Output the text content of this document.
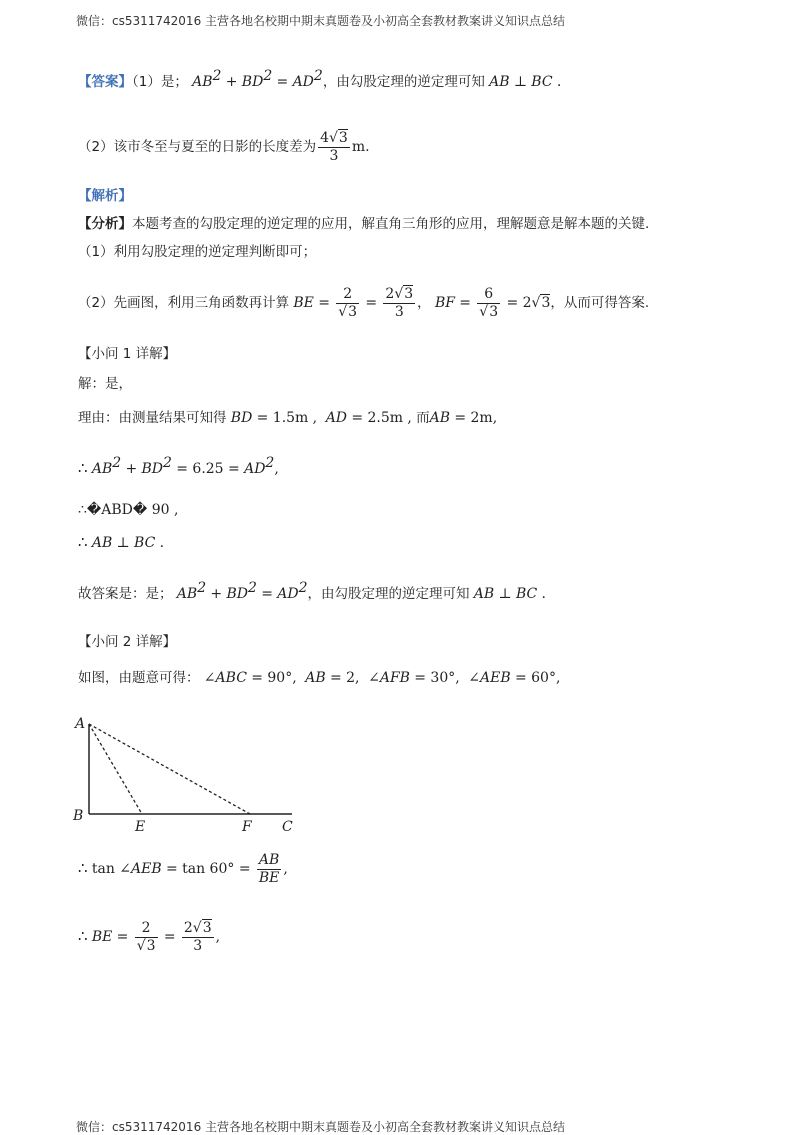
微信：cs5311742016 主营各地名校期中期末真题卷及小初高全套教材教案讲义知识点总结
【答案】（1）是； $AB^2 + BD^2 = AD^2$，由勾股定理的逆定理可知 AB ⊥ BC .
（2）该市冬至与夏至的日影的长度差为 $\frac{4√3}{3} m$.
【解析】
【分析】本题考查的勾股定理的逆定理的应用，解直角三角形的应用，理解题意是解本题的关键.
（1）利用勾股定理的逆定理判断即可；
（2）先画图，利用三角函数再计算 BE = $\frac{2}{√3} = \frac{2√3}{3}$ ， BF = $\frac{6}{√3} = 2√3$，从而可得答案.
【小问 1 详解】
解：是，
理由：由测量结果可知得 BD = 1.5m , AD = 2.5m , 而AB = 2m,
∴ $AB^2 + BD^2 = 6.25 = AD^2$,
∴�ABD� 90 ,
∴ AB ⊥ BC .
故答案是：是； $AB^2 + BD^2 = AD^2$，由勾股定理的逆定理可知 AB ⊥ BC .
【小问 2 详解】
如图，由题意可得： ∠ABC = 90°, AB = 2, ∠AFB = 30°, ∠AEB = 60°,
A
B
E	F C
∴ tan ∠AEB = $\tan 60^\circ = \frac{AB}{BE}$ ,
∴ BE = $\frac{2}{√3} = \frac{2√3}{3}$ ,
微信：cs5311742016 主营各地名校期中期末真题卷及小初高全套教材教案讲义知识点总结
